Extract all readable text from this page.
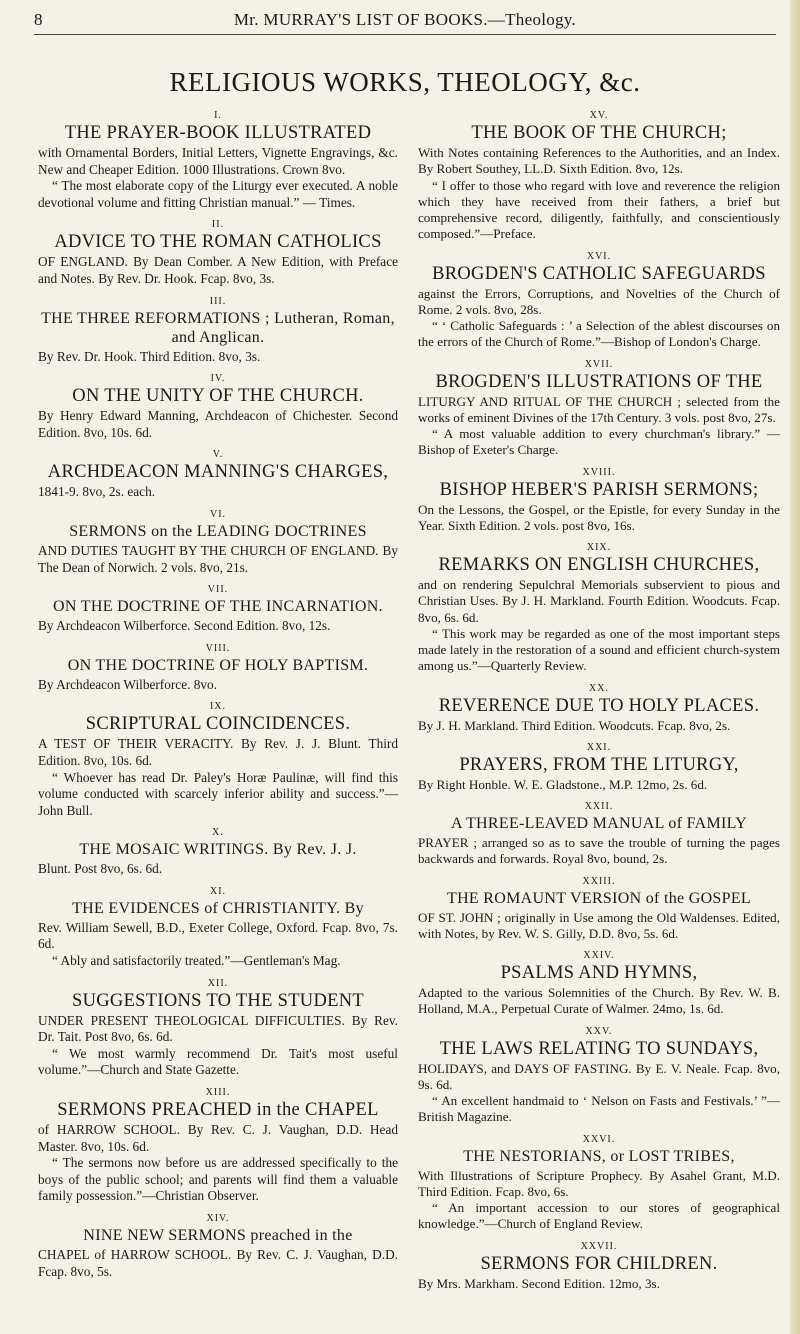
8	Mr. MURRAY'S LIST OF BOOKS.—Theology.
RELIGIOUS WORKS, THEOLOGY, &c.
I.
THE PRAYER-BOOK ILLUSTRATED

with Ornamental Borders, Initial Letters, Vignette Engravings, &c. New and Cheaper Edition. 1000 Illustrations. Crown 8vo.

“ The most elaborate copy of the Liturgy ever executed. A noble devotional volume and fitting Christian manual.” — Times.

II.
ADVICE TO THE ROMAN CATHOLICS

OF ENGLAND. By Dean Comber. A New Edition, with Preface and Notes. By Rev. Dr. Hook. Fcap. 8vo, 3s.

III.
THE THREE REFORMATIONS ; Lutheran, Roman, and Anglican.

By Rev. Dr. Hook. Third Edition. 8vo, 3s.

IV.
ON THE UNITY OF THE CHURCH.

By Henry Edward Manning, Archdeacon of Chichester. Second Edition. 8vo, 10s. 6d.

V.
ARCHDEACON MANNING'S CHARGES,

1841-9. 8vo, 2s. each.

VI.
SERMONS on the LEADING DOCTRINES

AND DUTIES TAUGHT BY THE CHURCH OF ENGLAND. By The Dean of Norwich. 2 vols. 8vo, 21s.

VII.
ON THE DOCTRINE OF THE INCARNATION.

By Archdeacon Wilberforce. Second Edition. 8vo, 12s.

VIII.
ON THE DOCTRINE OF HOLY BAPTISM.

By Archdeacon Wilberforce. 8vo.

IX.
SCRIPTURAL COINCIDENCES.

A TEST OF THEIR VERACITY. By Rev. J. J. Blunt. Third Edition. 8vo, 10s. 6d.

“ Whoever has read Dr. Paley's Horæ Paulinæ, will find this volume conducted with scarcely inferior ability and success.”—John Bull.

X.
THE MOSAIC WRITINGS. By Rev. J. J.

Blunt. Post 8vo, 6s. 6d.

XI.
THE EVIDENCES of CHRISTIANITY. By

Rev. William Sewell, B.D., Exeter College, Oxford. Fcap. 8vo, 7s. 6d.

“ Ably and satisfactorily treated.”—Gentleman's Mag.

XII.
SUGGESTIONS TO THE STUDENT

UNDER PRESENT THEOLOGICAL DIFFICULTIES. By Rev. Dr. Tait. Post 8vo, 6s. 6d.

“ We most warmly recommend Dr. Tait's most useful volume.”—Church and State Gazette.

XIII.
SERMONS PREACHED in the CHAPEL

of HARROW SCHOOL. By Rev. C. J. Vaughan, D.D. Head Master. 8vo, 10s. 6d.

“ The sermons now before us are addressed specifically to the boys of the public school; and parents will find them a valuable family possession.”—Christian Observer.

XIV.
NINE NEW SERMONS preached in the

CHAPEL of HARROW SCHOOL. By Rev. C. J. Vaughan, D.D. Fcap. 8vo, 5s.

XV.
THE BOOK OF THE CHURCH;

With Notes containing References to the Authorities, and an Index. By Robert Southey, LL.D. Sixth Edition. 8vo, 12s.

“ I offer to those who regard with love and reverence the religion which they have received from their fathers, a brief but comprehensive record, diligently, faithfully, and conscientiously composed.”—Preface.

XVI.
BROGDEN'S CATHOLIC SAFEGUARDS

against the Errors, Corruptions, and Novelties of the Church of Rome. 2 vols. 8vo, 28s.

“ ‘ Catholic Safeguards : ’ a Selection of the ablest discourses on the errors of the Church of Rome.”—Bishop of London's Charge.

XVII.
BROGDEN'S ILLUSTRATIONS OF THE

LITURGY AND RITUAL OF THE CHURCH ; selected from the works of eminent Divines of the 17th Century. 3 vols. post 8vo, 27s.

“ A most valuable addition to every churchman's library.” —Bishop of Exeter's Charge.

XVIII.
BISHOP HEBER'S PARISH SERMONS;

On the Lessons, the Gospel, or the Epistle, for every Sunday in the Year. Sixth Edition. 2 vols. post 8vo, 16s.

XIX.
REMARKS ON ENGLISH CHURCHES,

and on rendering Sepulchral Memorials subservient to pious and Christian Uses. By J. H. Markland. Fourth Edition. Woodcuts. Fcap. 8vo, 6s. 6d.

“ This work may be regarded as one of the most important steps made lately in the restoration of a sound and efficient church-system among us.”—Quarterly Review.

XX.
REVERENCE DUE TO HOLY PLACES.

By J. H. Markland. Third Edition. Woodcuts. Fcap. 8vo, 2s.

XXI.
PRAYERS, FROM THE LITURGY,

By Right Honble. W. E. Gladstone., M.P. 12mo, 2s. 6d.

XXII.
A THREE-LEAVED MANUAL of FAMILY

PRAYER ; arranged so as to save the trouble of turning the pages backwards and forwards. Royal 8vo, bound, 2s.

XXIII.
THE ROMAUNT VERSION of the GOSPEL

OF ST. JOHN ; originally in Use among the Old Waldenses. Edited, with Notes, by Rev. W. S. Gilly, D.D. 8vo, 5s. 6d.

XXIV.
PSALMS AND HYMNS,

Adapted to the various Solemnities of the Church. By Rev. W. B. Holland, M.A., Perpetual Curate of Walmer. 24mo, 1s. 6d.

XXV.
THE LAWS RELATING TO SUNDAYS,

HOLIDAYS, and DAYS OF FASTING. By E. V. Neale. Fcap. 8vo, 9s. 6d.

“ An excellent handmaid to ‘ Nelson on Fasts and Festivals.’ ”—British Magazine.

XXVI.
THE NESTORIANS, or LOST TRIBES,

With Illustrations of Scripture Prophecy. By Asahel Grant, M.D. Third Edition. Fcap. 8vo, 6s.

“ An important accession to our stores of geographical knowledge.”—Church of England Review.

XXVII.
SERMONS FOR CHILDREN.

By Mrs. Markham. Second Edition. 12mo, 3s.
